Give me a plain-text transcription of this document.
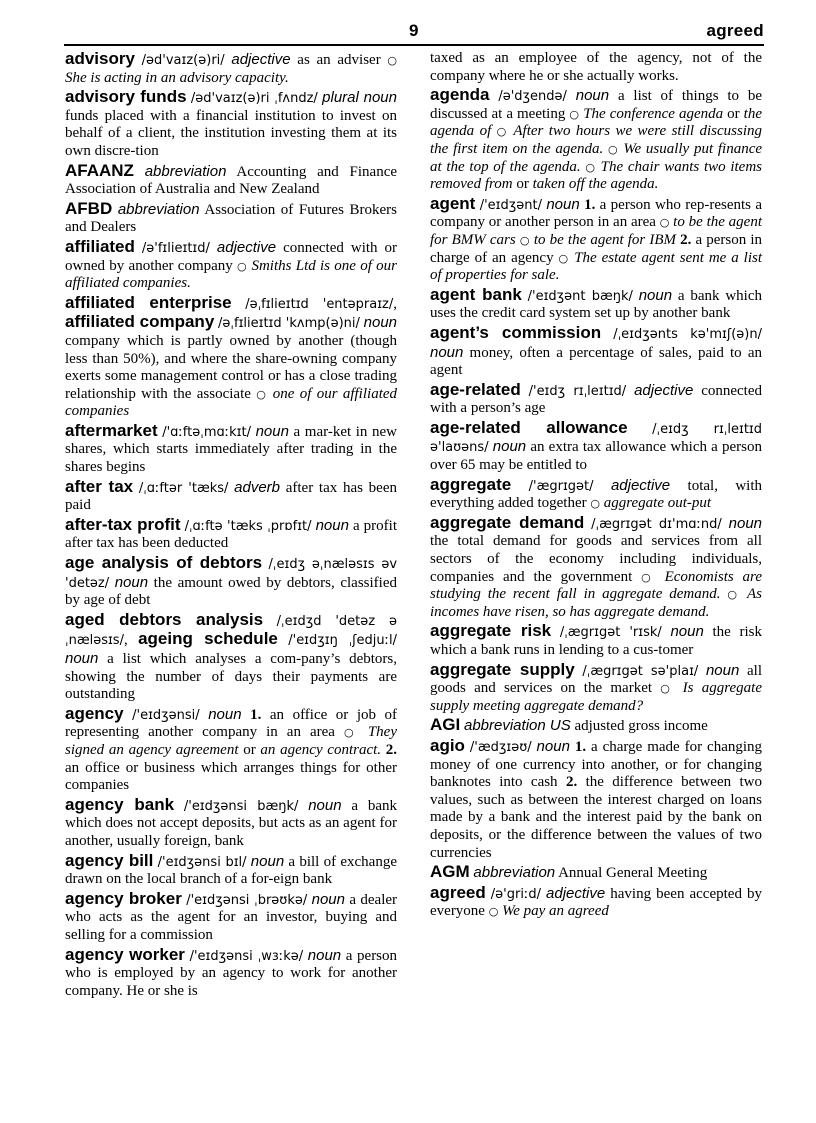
9	agreed
advisory /əd'vaɪz(ə)ri/ adjective as an adviser ○ She is acting in an advisory capacity.
advisory funds /əd'vaɪz(ə)ri ˌfʌndz/ plural noun funds placed with a financial institution to invest on behalf of a client, the institution investing them at its own discre-tion
AFAANZ abbreviation Accounting and Finance Association of Australia and New Zealand
AFBD abbreviation Association of Futures Brokers and Dealers
affiliated /ə'fɪlieɪtɪd/ adjective connected with or owned by another company ○ Smiths Ltd is one of our affiliated companies.
affiliated enterprise /əˌfɪlieɪtɪd 'entəpraɪz/, affiliated company /əˌfɪlieɪtɪd 'kʌmp(ə)ni/ noun company which is partly owned by another (though less than 50%), and where the share-owning company exerts some management control or has a close trading relationship with the associate ○ one of our affiliated companies
aftermarket /'ɑːftəˌmɑːkɪt/ noun a mar-ket in new shares, which starts immediately after trading in the shares begins
after tax /ˌɑːftər 'tæks/ adverb after tax has been paid
after-tax profit /ˌɑːftə 'tæks ˌprɒfɪt/ noun a profit after tax has been deducted
age analysis of debtors /ˌeɪdʒ əˌnæləsɪs əv 'detəz/ noun the amount owed by debtors, classified by age of debt
aged debtors analysis /ˌeɪdʒd 'detəz əˌnæləsɪs/, ageing schedule /'eɪdʒɪŋ ˌʃedjuːl/ noun a list which analyses a com-pany’s debtors, showing the number of days their payments are outstanding
agency /'eɪdʒənsi/ noun 1. an office or job of representing another company in an area ○ They signed an agency agreement or an agency contract. 2. an office or business which arranges things for other companies
agency bank /'eɪdʒənsi bæŋk/ noun a bank which does not accept deposits, but acts as an agent for another, usually foreign, bank
agency bill /'eɪdʒənsi bɪl/ noun a bill of exchange drawn on the local branch of a for-eign bank
agency broker /'eɪdʒənsi ˌbrəʊkə/ noun a dealer who acts as the agent for an investor, buying and selling for a commission
agency worker /'eɪdʒənsi ˌwɜːkə/ noun a person who is employed by an agency to work for another company. He or she is
taxed as an employee of the agency, not of the company where he or she actually works.
agenda /ə'dʒendə/ noun a list of things to be discussed at a meeting ○ The conference agenda or the agenda of ○ After two hours we were still discussing the first item on the agenda. ○ We usually put finance at the top of the agenda. ○ The chair wants two items removed from or taken off the agenda.
agent /'eɪdʒənt/ noun 1. a person who rep-resents a company or another person in an area ○ to be the agent for BMW cars ○ to be the agent for IBM 2. a person in charge of an agency ○ The estate agent sent me a list of properties for sale.
agent bank /'eɪdʒənt bæŋk/ noun a bank which uses the credit card system set up by another bank
agent’s commission /ˌeɪdʒənts kə'mɪʃ(ə)n/ noun money, often a percentage of sales, paid to an agent
age-related /'eɪdʒ rɪˌleɪtɪd/ adjective connected with a person’s age
age-related allowance /ˌeɪdʒ rɪˌleɪtɪd ə'laʊəns/ noun an extra tax allowance which a person over 65 may be entitled to
aggregate /'ægrɪgət/ adjective total, with everything added together ○ aggregate out-put
aggregate demand /ˌægrɪgət dɪ'mɑːnd/ noun the total demand for goods and services from all sectors of the economy including individuals, companies and the government ○ Economists are studying the recent fall in aggregate demand. ○ As incomes have risen, so has aggregate demand.
aggregate risk /ˌægrɪgət 'rɪsk/ noun the risk which a bank runs in lending to a cus-tomer
aggregate supply /ˌægrɪgət sə'plaɪ/ noun all goods and services on the market ○ Is aggregate supply meeting aggregate demand?
AGI abbreviation US adjusted gross income
agio /'ædʒɪəʊ/ noun 1. a charge made for changing money of one currency into another, or for changing banknotes into cash 2. the difference between two values, such as between the interest charged on loans made by a bank and the interest paid by the bank on deposits, or the difference between the values of two currencies
AGM abbreviation Annual General Meeting
agreed /ə'griːd/ adjective having been accepted by everyone ○ We pay an agreed
